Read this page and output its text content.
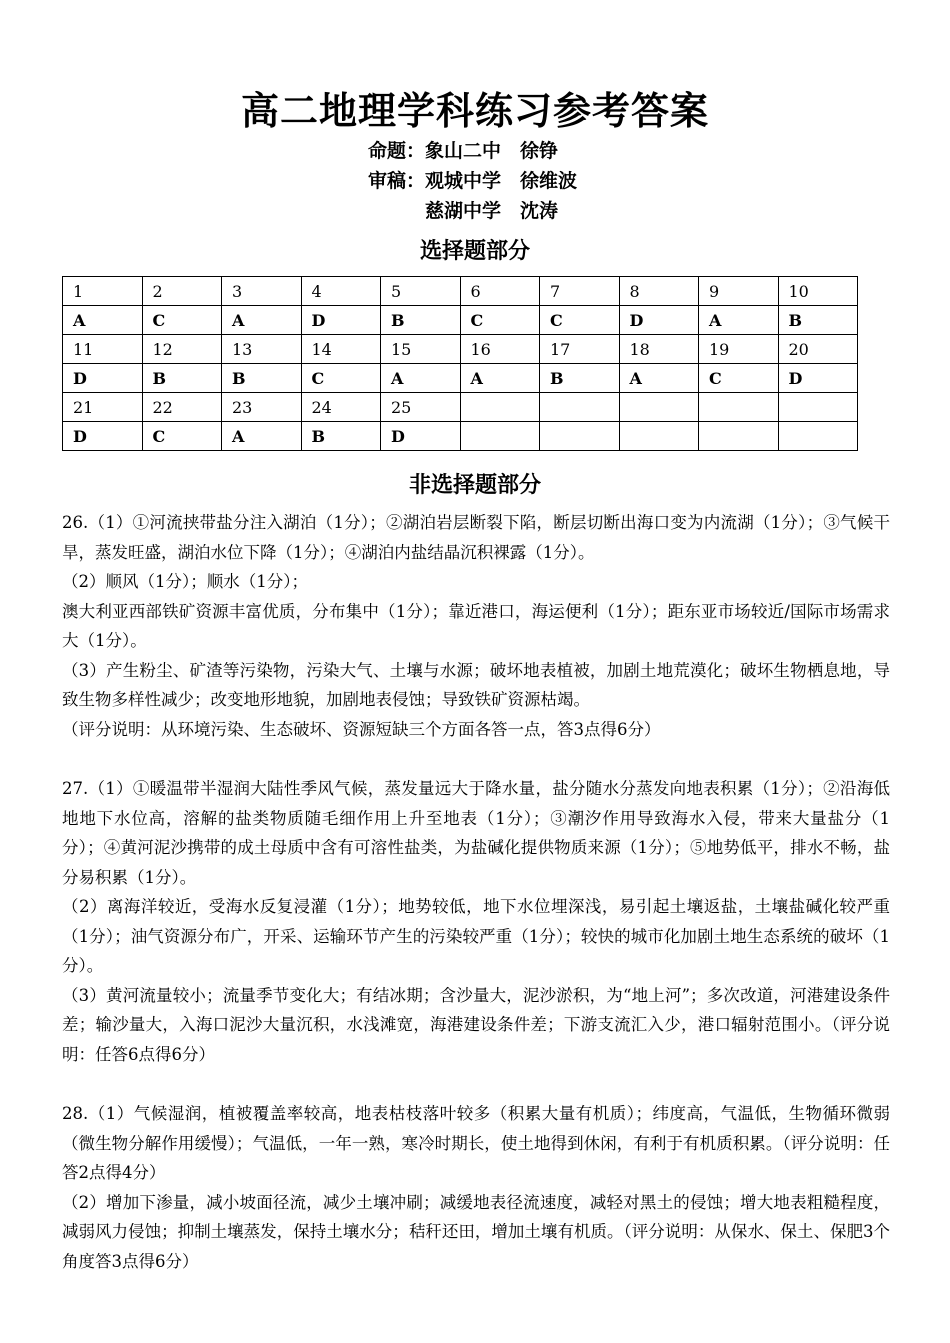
高二地理学科练习参考答案
命题：象山二中　徐铮
审稿：观城中学　徐维波
　　　慈湖中学　沈涛
选择题部分
1	2	3	4	5	6	7	8	9	10
A	C	A	D	B	C	C	D	A	B
11	12	13	14	15	16	17	18	19	20
D	B	B	C	A	A	B	A	C	D
21	22	23	24	25					
D	C	A	B	D					
非选择题部分

26.（1）①河流挟带盐分注入湖泊（1分）；②湖泊岩层断裂下陷，断层切断出海口变为内流湖（1分）；③气候干旱，蒸发旺盛，湖泊水位下降（1分）；④湖泊内盐结晶沉积裸露（1分）。

（2）顺风（1分）；顺水（1分）；

澳大利亚西部铁矿资源丰富优质，分布集中（1分）；靠近港口，海运便利（1分）；距东亚市场较近/国际市场需求大（1分）。

（3）产生粉尘、矿渣等污染物，污染大气、土壤与水源；破坏地表植被，加剧土地荒漠化；破坏生物栖息地，导致生物多样性减少；改变地形地貌，加剧地表侵蚀；导致铁矿资源枯竭。

（评分说明：从环境污染、生态破坏、资源短缺三个方面各答一点，答3点得6分）

27.（1）①暖温带半湿润大陆性季风气候，蒸发量远大于降水量，盐分随水分蒸发向地表积累（1分）；②沿海低地地下水位高，溶解的盐类物质随毛细作用上升至地表（1分）；③潮汐作用导致海水入侵，带来大量盐分（1分）；④黄河泥沙携带的成土母质中含有可溶性盐类，为盐碱化提供物质来源（1分）；⑤地势低平，排水不畅，盐分易积累（1分）。

（2）离海洋较近，受海水反复浸灌（1分）；地势较低，地下水位埋深浅，易引起土壤返盐，土壤盐碱化较严重（1分）；油气资源分布广，开采、运输环节产生的污染较严重（1分）；较快的城市化加剧土地生态系统的破坏（1分）。

（3）黄河流量较小；流量季节变化大；有结冰期；含沙量大，泥沙淤积，为“地上河”；多次改道，河港建设条件差；输沙量大，入海口泥沙大量沉积，水浅滩宽，海港建设条件差；下游支流汇入少，港口辐射范围小。（评分说明：任答6点得6分）

28.（1）气候湿润，植被覆盖率较高，地表枯枝落叶较多（积累大量有机质）；纬度高，气温低，生物循环微弱（微生物分解作用缓慢）；气温低，一年一熟，寒冷时期长，使土地得到休闲，有利于有机质积累。（评分说明：任答2点得4分）

（2）增加下渗量，减小坡面径流，减少土壤冲刷；减缓地表径流速度，减轻对黑土的侵蚀；增大地表粗糙程度，减弱风力侵蚀；抑制土壤蒸发，保持土壤水分；秸秆还田，增加土壤有机质。（评分说明：从保水、保土、保肥3个角度答3点得6分）
